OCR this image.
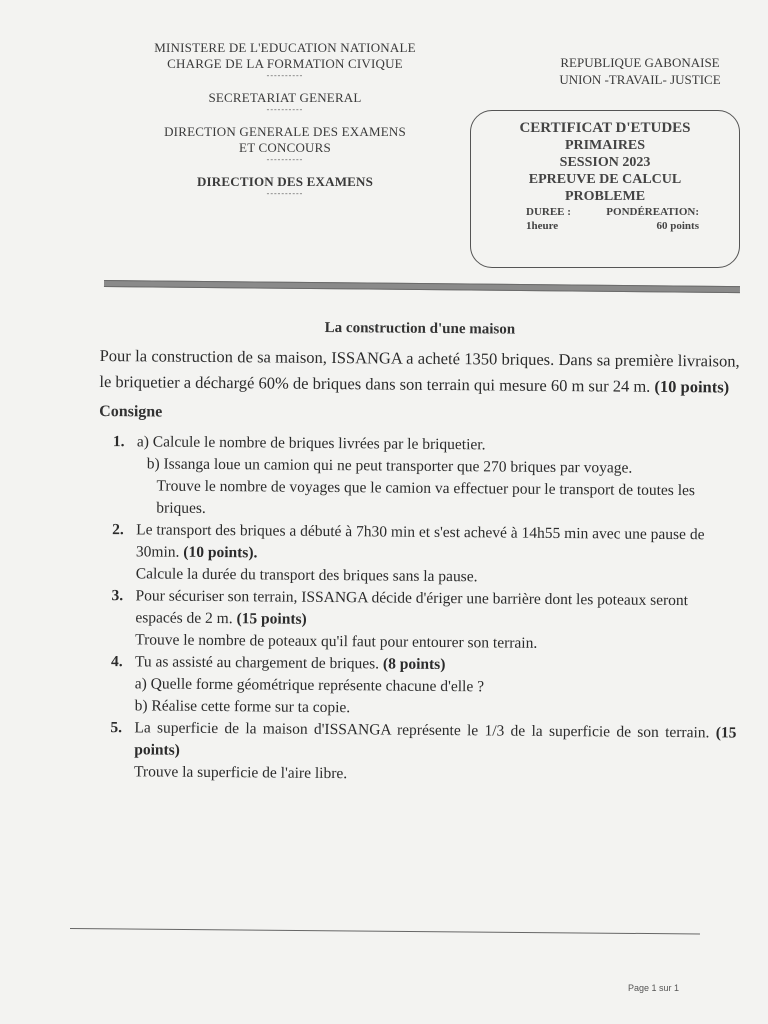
MINISTERE DE L'EDUCATION NATIONALE
CHARGE DE LA FORMATION CIVIQUE
----------
SECRETARIAT GENERAL
----------
DIRECTION GENERALE DES EXAMENS
ET CONCOURS
----------
DIRECTION DES EXAMENS
----------
REPUBLIQUE GABONAISE
UNION -TRAVAIL- JUSTICE
CERTIFICAT D'ETUDES
PRIMAIRES
SESSION 2023
EPREUVE DE CALCUL
PROBLEME
DUREE :	PONDÉREATION:
1heure	60 points

La construction d'une maison

Pour la construction de sa maison, ISSANGA a acheté 1350 briques. Dans sa première livraison, le briquetier a déchargé 60% de briques dans son terrain qui mesure 60 m sur 24 m. (10 points)

Consigne

1. a) Calcule le nombre de briques livrées par le briquetier.
b) Issanga loue un camion qui ne peut transporter que 270 briques par voyage.
Trouve le nombre de voyages que le camion va effectuer pour le transport de toutes les briques.
2. Le transport des briques a débuté à 7h30 min et s'est achevé à 14h55 min avec une pause de 30min. (10 points).
Calcule la durée du transport des briques sans la pause.
3. Pour sécuriser son terrain, ISSANGA décide d'ériger une barrière dont les poteaux seront espacés de 2 m. (15 points)
Trouve le nombre de poteaux qu'il faut pour entourer son terrain.
4. Tu as assisté au chargement de briques. (8 points)
a) Quelle forme géométrique représente chacune d'elle ?
b) Réalise cette forme sur ta copie.
5. La superficie de la maison d'ISSANGA représente le 1/3 de la superficie de son terrain. (15 points)
Trouve la superficie de l'aire libre.
Page 1 sur 1
